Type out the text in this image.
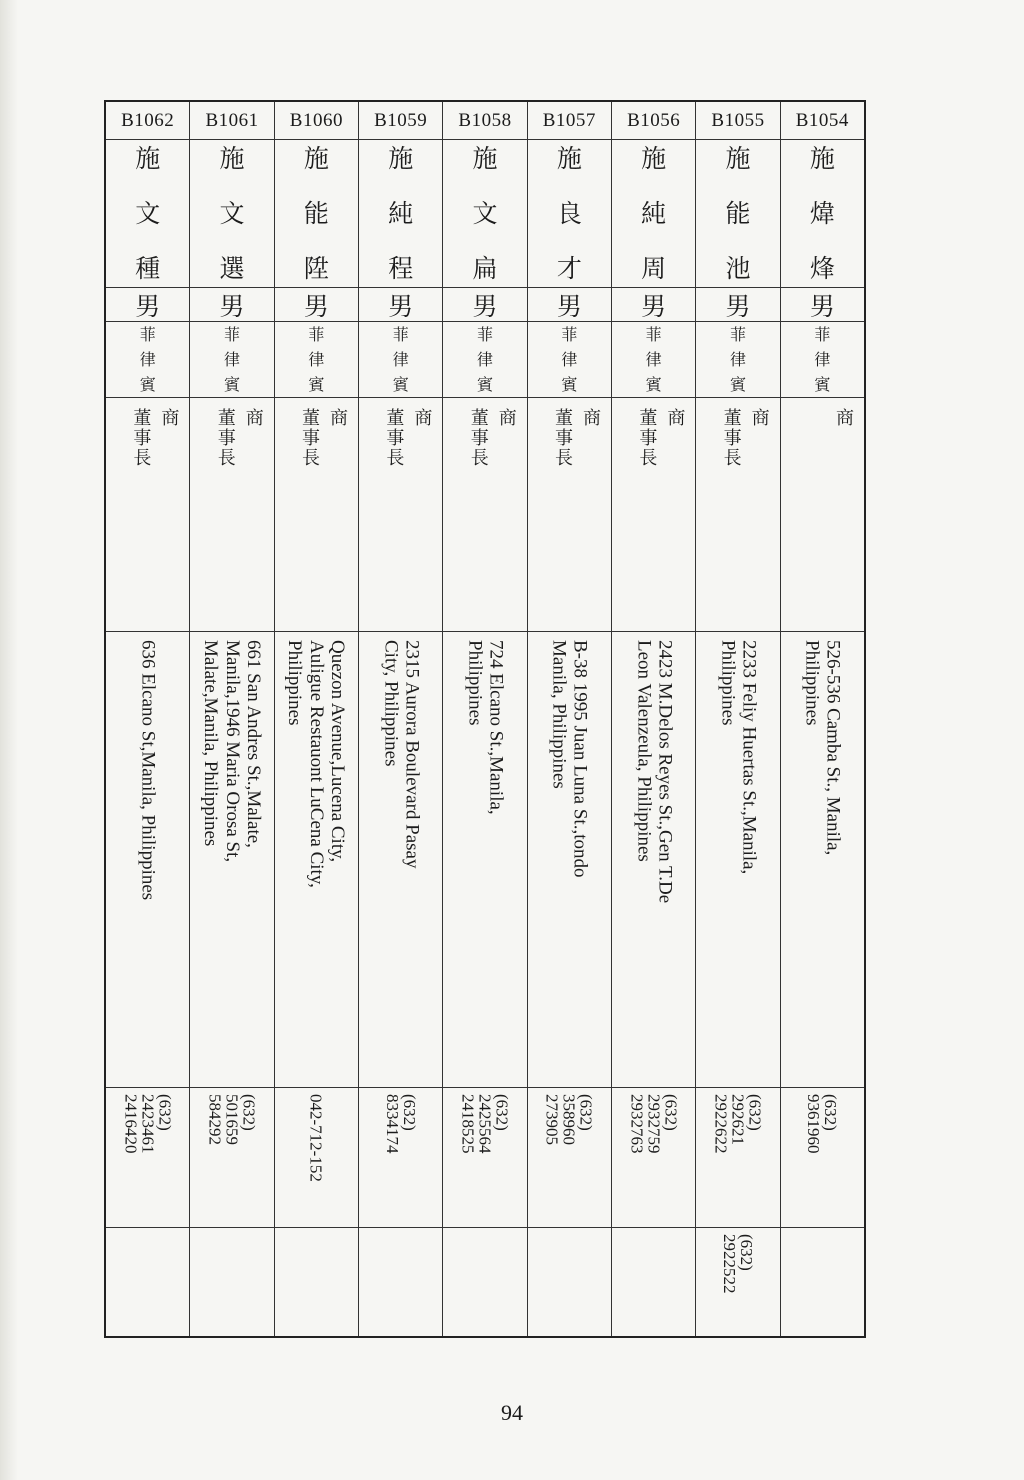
B1054
施
煒
烽
男
菲
律
賓
商
526-536 Camba St., Manila,
Philippines
(632)
9361960
B1055
施
能
池
男
菲
律
賓
商
董事長
2233 Feliy Huertas St.,Manila,
Philippines
(632)
292621
2922622
(632)
2922522
B1056
施
純
周
男
菲
律
賓
商
董事長
2423 M.Delos Reyes St.,Gen T.De
Leon Valenzeula, Philippines
(632)
2932759
2932763
B1057
施
良
才
男
菲
律
賓
商
董事長
B-38 1995 Juan Luna St.,tondo
Manila, Philippines
(632)
358960
273905
B1058
施
文
扁
男
菲
律
賓
商
董事長
724 Elcano St.,Manila,
Philippines
(632)
2425564
2418525
B1059
施
純
程
男
菲
律
賓
商
董事長
2315 Aurora Boulevard Pasay
City, Philippines
(632)
8334174
B1060
施
能
陞
男
菲
律
賓
商
董事長
Quezon Avenue,Lucena City,
Auligue Restauont LuCena City,
Philippines
042-712-152
B1061
施
文
選
男
菲
律
賓
商
董事長
661 San Andres St.,Malate,
Manila,1946 Maria Orosa St,
Malate,Manila, Philippines
(632)
501659
584292
B1062
施
文
種
男
菲
律
賓
商
董事長
636 Elcano St,Manila, Philippines
(632)
2423461
2416420
94
